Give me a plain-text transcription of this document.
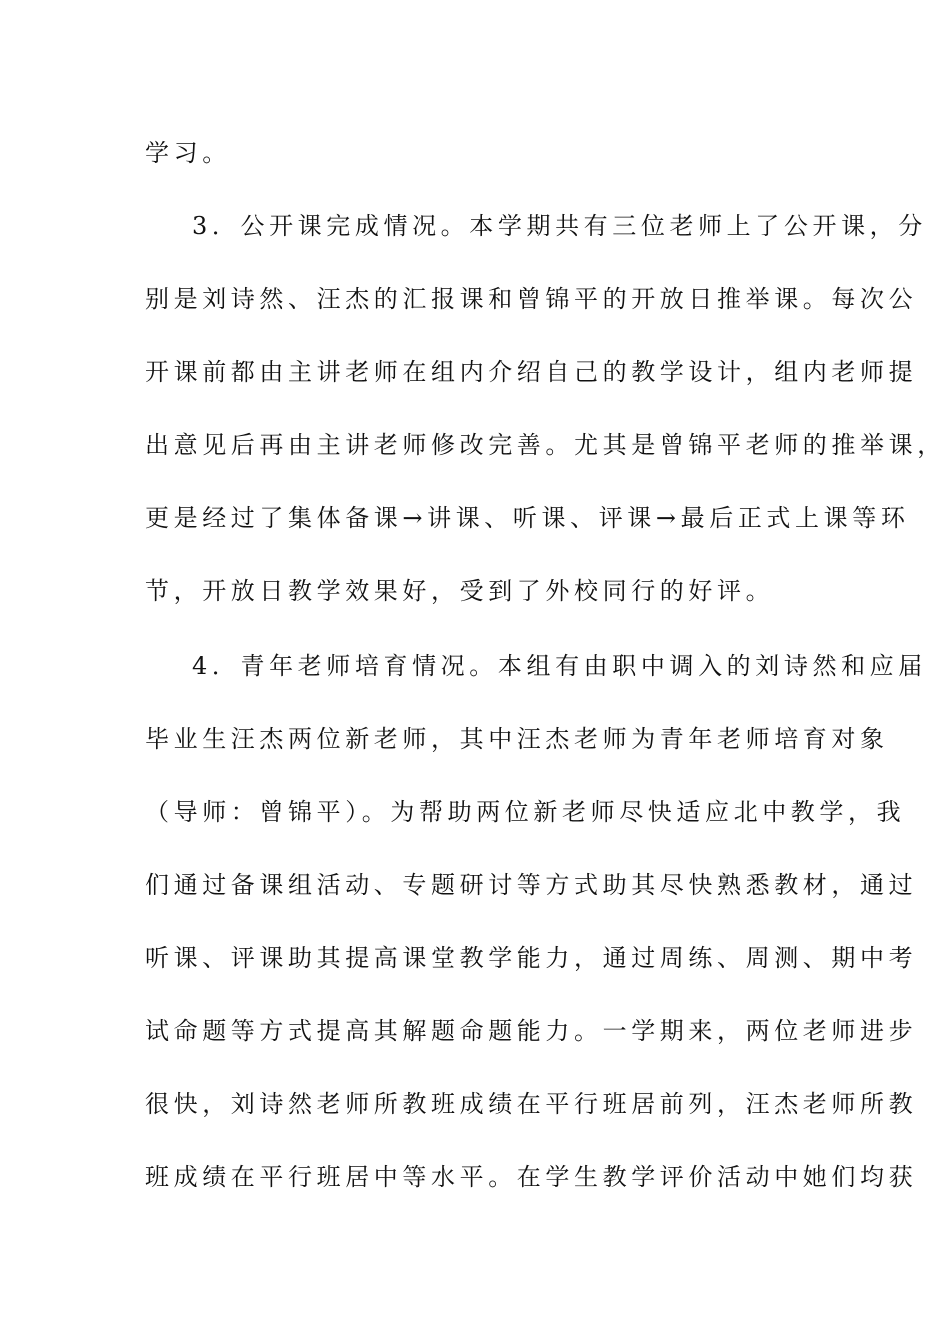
学习。
3．公开课完成情况。本学期共有三位老师上了公开课，分
别是刘诗然、汪杰的汇报课和曾锦平的开放日推举课。每次公
开课前都由主讲老师在组内介绍自己的教学设计，组内老师提
出意见后再由主讲老师修改完善。尤其是曾锦平老师的推举课，
更是经过了集体备课→讲课、听课、评课→最后正式上课等环
节，开放日教学效果好，受到了外校同行的好评。
4．青年老师培育情况。本组有由职中调入的刘诗然和应届
毕业生汪杰两位新老师，其中汪杰老师为青年老师培育对象
（导师：曾锦平）。为帮助两位新老师尽快适应北中教学，我
们通过备课组活动、专题研讨等方式助其尽快熟悉教材，通过
听课、评课助其提高课堂教学能力，通过周练、周测、期中考
试命题等方式提高其解题命题能力。一学期来，两位老师进步
很快，刘诗然老师所教班成绩在平行班居前列，汪杰老师所教
班成绩在平行班居中等水平。在学生教学评价活动中她们均获
